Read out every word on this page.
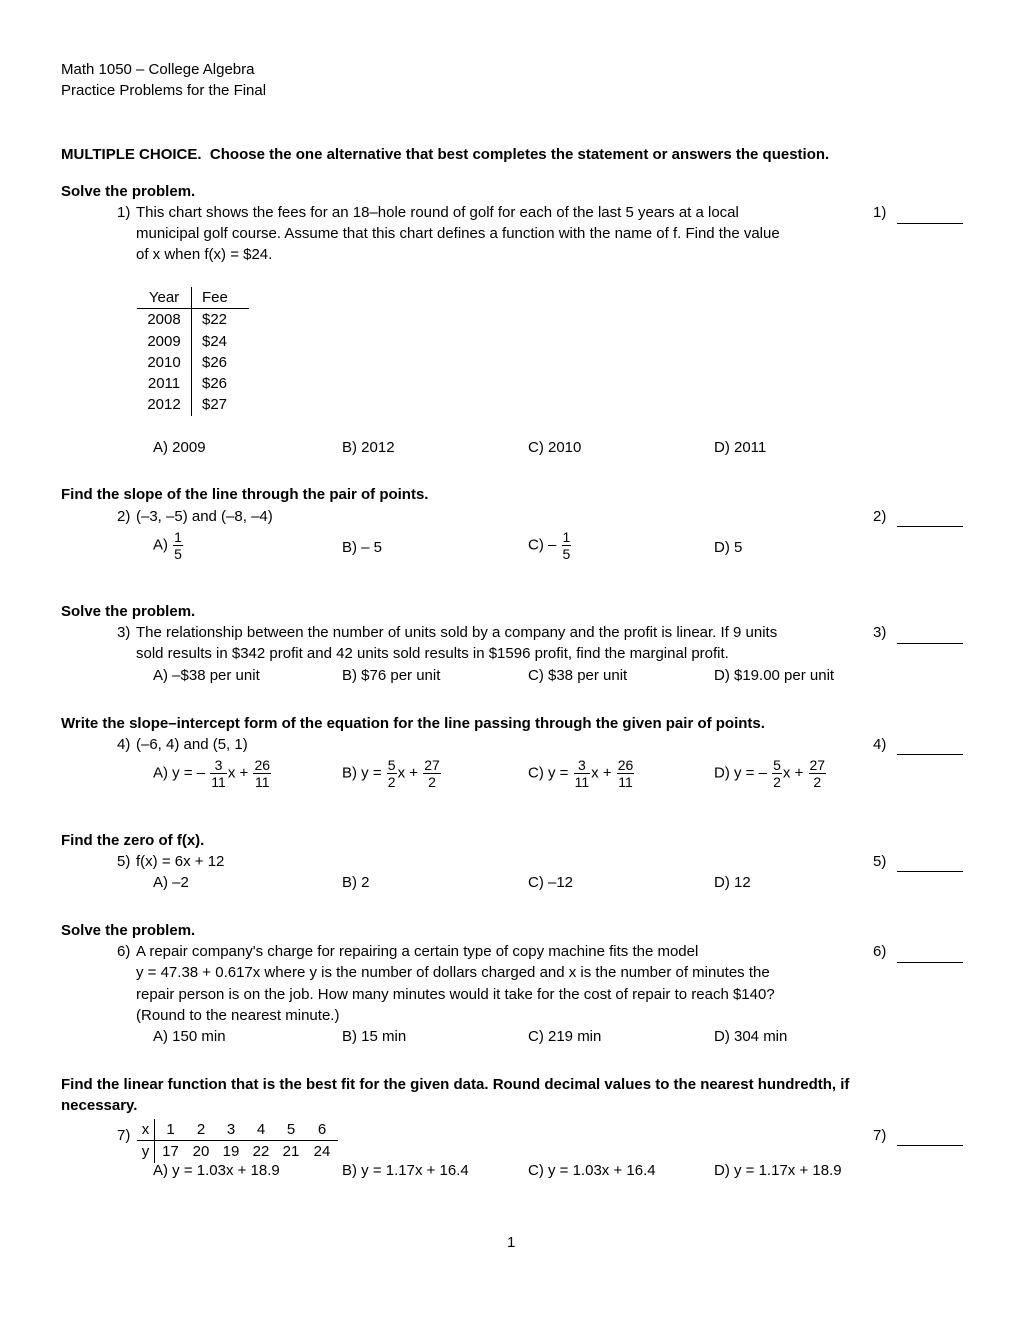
Math 1050 – College Algebra
Practice Problems for the Final
MULTIPLE CHOICE. Choose the one alternative that best completes the statement or answers the question.
Solve the problem.
1) This chart shows the fees for an 18–hole round of golf for each of the last 5 years at a local
municipal golf course. Assume that this chart defines a function with the name of f. Find the value
of x when f(x) = $24.
1)
Year	Fee
2008	$22
2009	$24
2010	$26
2011	$26
2012	$27
A) 2009	B) 2012	C) 2010	D) 2011
Find the slope of the line through the pair of points.
2) (–3, –5) and (–8, –4)	2)
$A) \frac{1}{5}$	B) – 5	$C) - \frac{1}{5}$	D) 5
Solve the problem.
3) The relationship between the number of units sold by a company and the profit is linear. If 9 units
sold results in $342 profit and 42 units sold results in $1596 profit, find the marginal profit.
3)
A) –$38 per unit	B) $76 per unit	C) $38 per unit	D) $19.00 per unit
Write the slope–intercept form of the equation for the line passing through the given pair of points.
4) (–6, 4) and (5, 1)	4)
A) y = – $\frac{3}{11}$ $x + \frac{26}{11}$	B) $y = \frac{5}{2}$ $x + \frac{27}{2}$	C) $y = \frac{3}{11}$ $x + \frac{26}{11}$	D) y = – $\frac{5}{2}$ $x + \frac{27}{2}$
Find the zero of f(x).
5) f(x) = 6x + 12	5)
A) –2	B) 2	C) –12	D) 12
Solve the problem.
6) A repair company's charge for repairing a certain type of copy machine fits the model
y = 47.38 + 0.617x where y is the number of dollars charged and x is the number of minutes the
repair person is on the job. How many minutes would it take for the cost of repair to reach $140?
(Round to the nearest minute.)
6)
A) 150 min	B) 15 min	C) 219 min	D) 304 min
Find the linear function that is the best fit for the given data. Round decimal values to the nearest hundredth, if
necessary.
7) x	1	2	3	4	5	6
y	17	20	19	22	21	24
7)
A) y = 1.03x + 18.9	B) y = 1.17x + 16.4	C) y = 1.03x + 16.4	D) y = 1.17x + 18.9
1
